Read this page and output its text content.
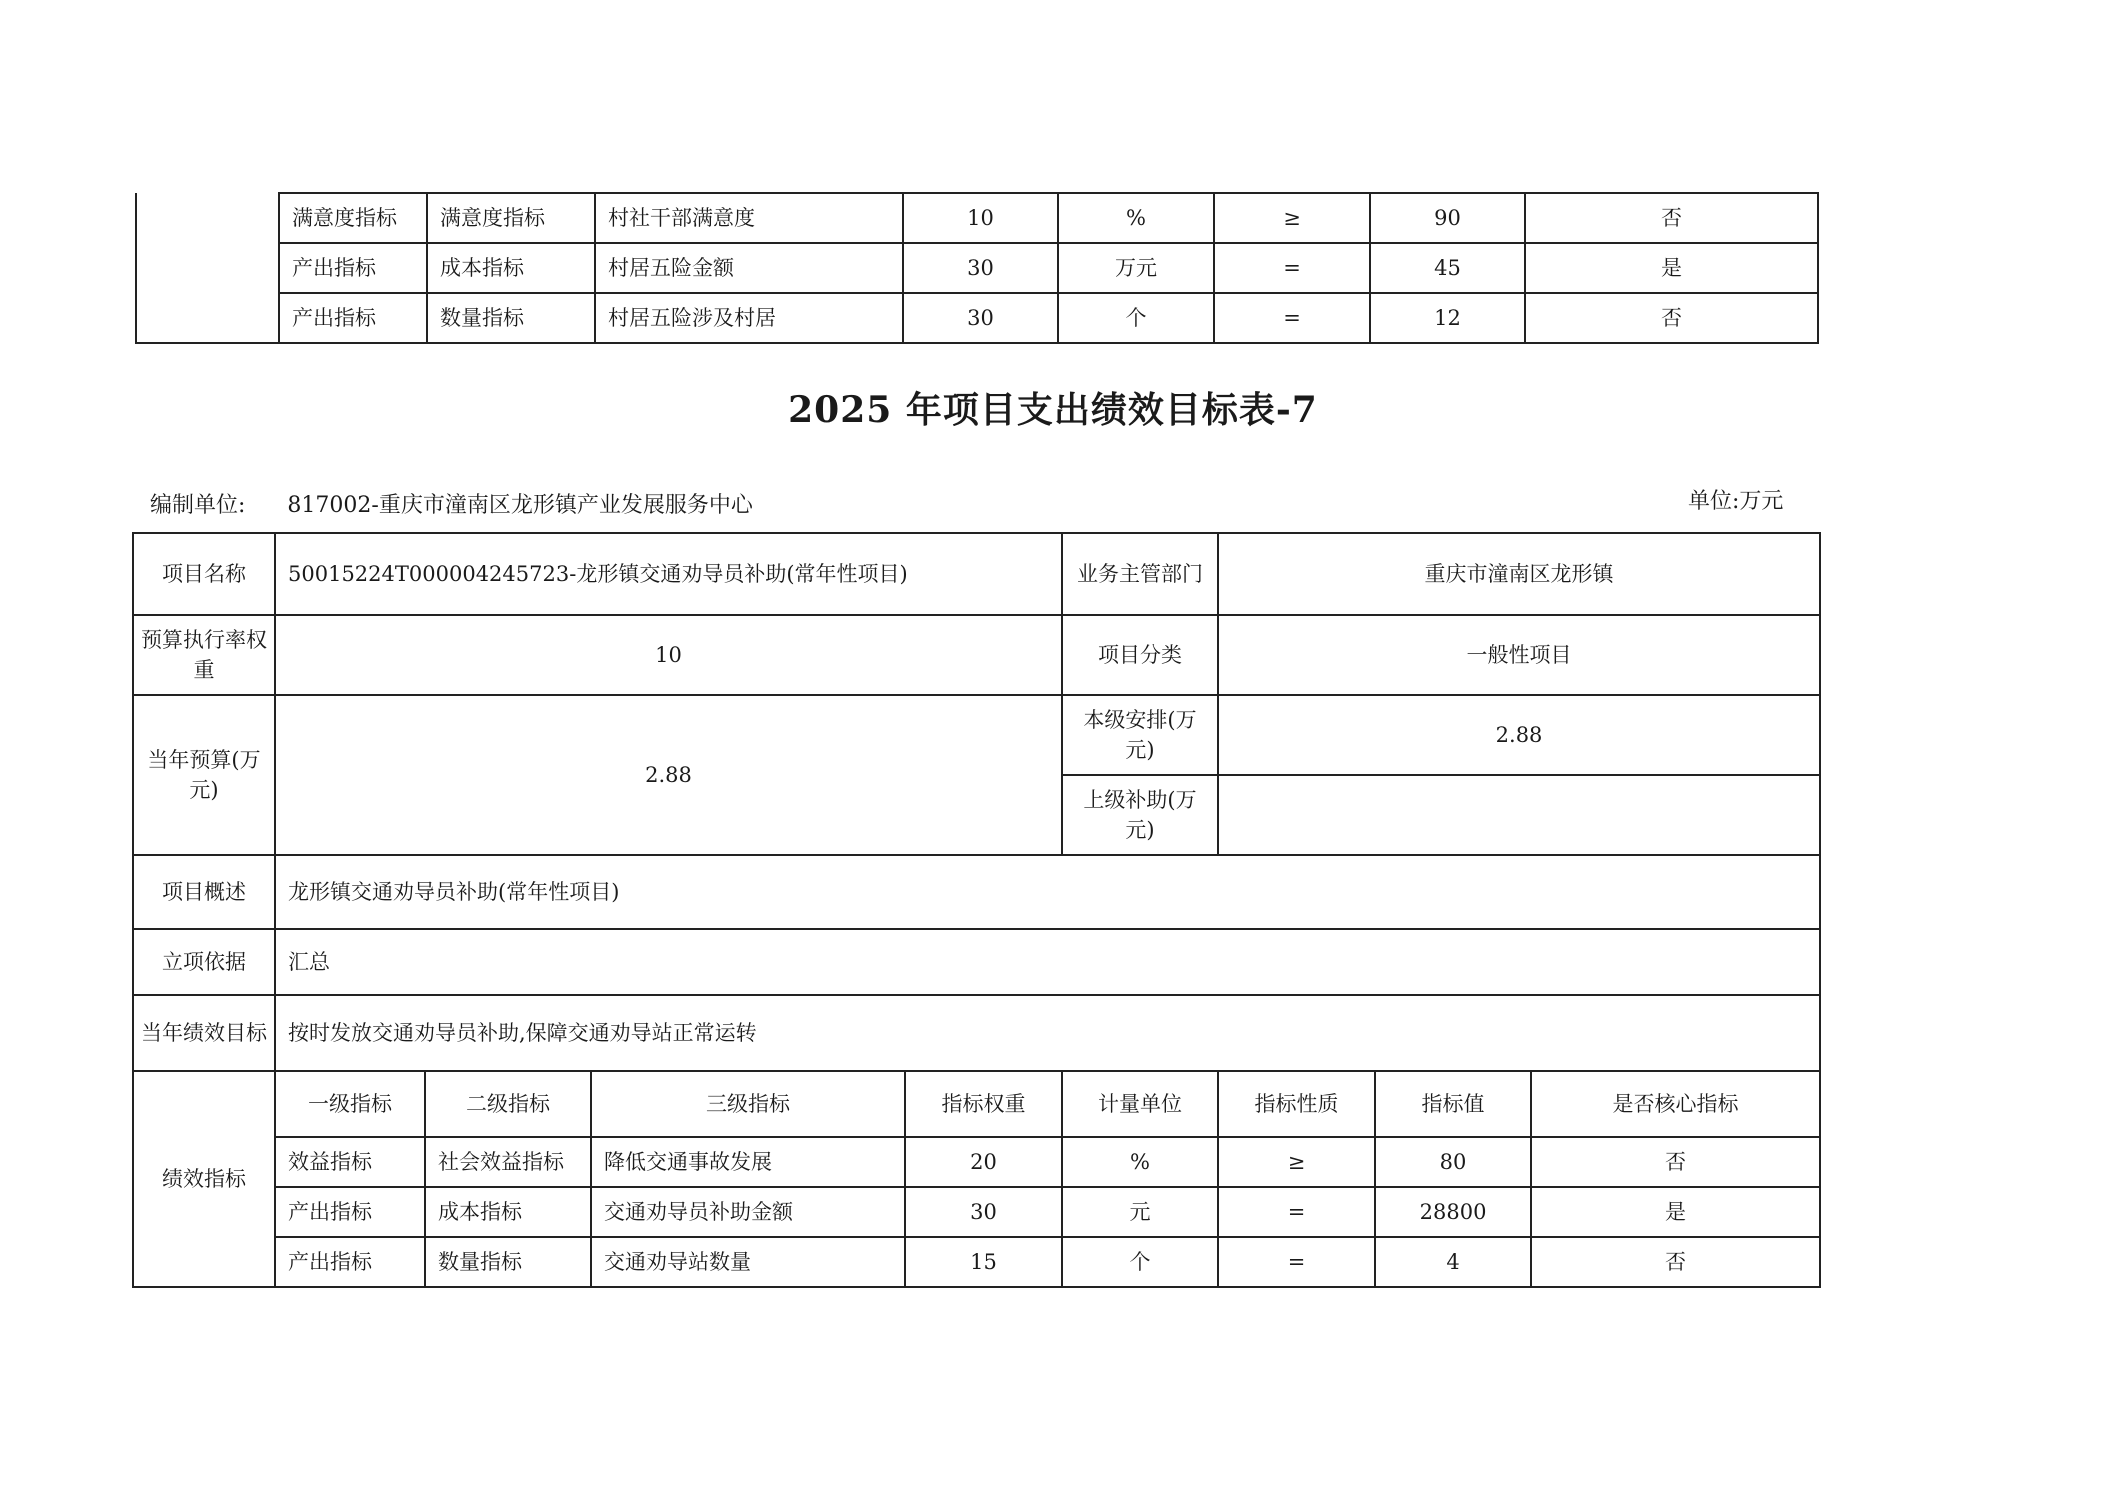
	满意度指标	满意度指标	村社干部满意度	10	%	≥	90	否
	产出指标	成本指标	村居五险金额	30	万元	=	45	是
	产出指标	数量指标	村居五险涉及村居	30	个	=	12	否
2025 年项目支出绩效目标表-7
编制单位: 817002-重庆市潼南区龙形镇产业发展服务中心	单位:万元
项目名称	50015224T000004245723-龙形镇交通劝导员补助(常年性项目)				业务主管部门	重庆市潼南区龙形镇		
预算执行率权重	10				项目分类	一般性项目		
当年预算(万元)	2.88				本级安排(万元)	2.88		
					上级补助(万元)			
项目概述	龙形镇交通劝导员补助(常年性项目)							
立项依据	汇总							
当年绩效目标	按时发放交通劝导员补助,保障交通劝导站正常运转							
绩效指标	一级指标	二级指标	三级指标	指标权重	计量单位	指标性质	指标值	是否核心指标
	效益指标	社会效益指标	降低交通事故发展	20	%	≥	80	否
	产出指标	成本指标	交通劝导员补助金额	30	元	=	28800	是
	产出指标	数量指标	交通劝导站数量	15	个	=	4	否
